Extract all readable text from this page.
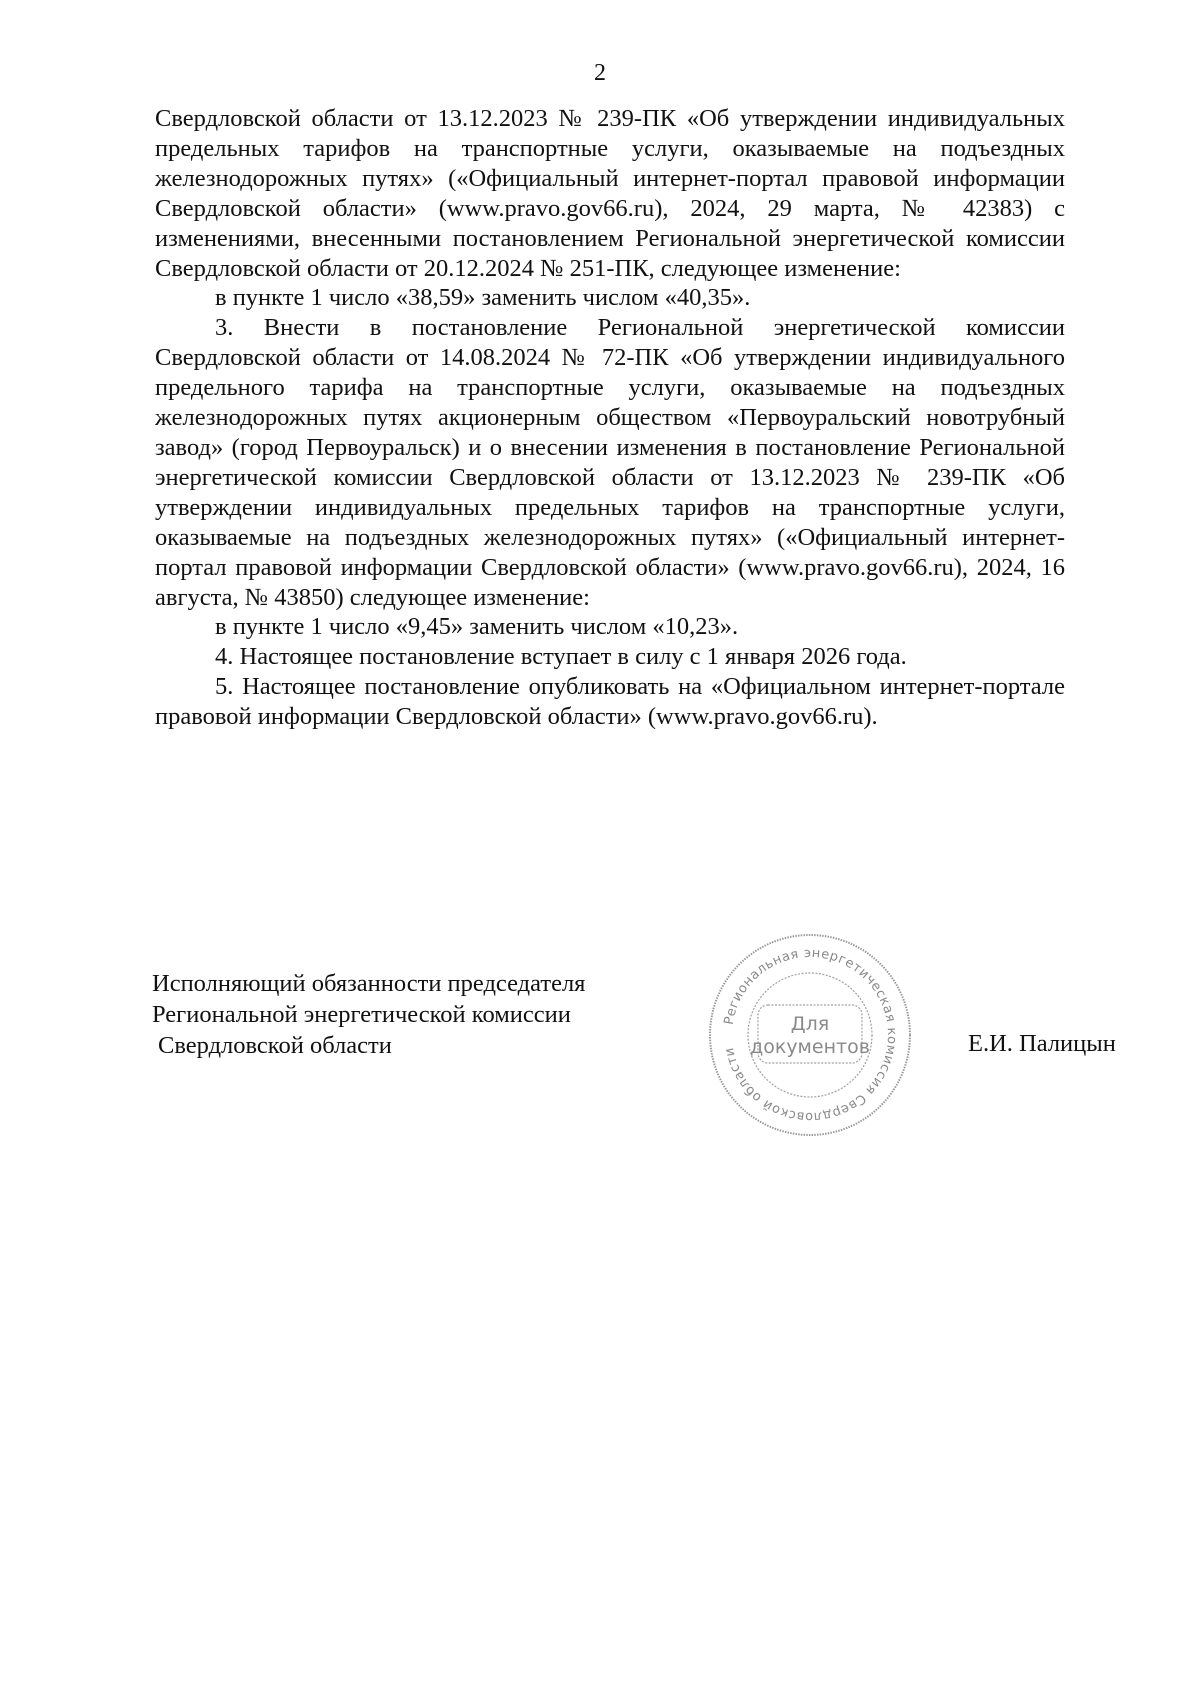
2

Свердловской области от 13.12.2023 № 239-ПК «Об утверждении индивидуальных предельных тарифов на транспортные услуги, оказываемые на подъездных железнодорожных путях» («Официальный интернет-портал правовой информации Свердловской области» (www.pravo.gov66.ru), 2024, 29 марта, № 42383) с изменениями, внесенными постановлением Региональной энергетической комиссии Свердловской области от 20.12.2024 № 251-ПК, следующее изменение:

в пункте 1 число «38,59» заменить числом «40,35».

3. Внести в постановление Региональной энергетической комиссии Свердловской области от 14.08.2024 № 72-ПК «Об утверждении индивидуального предельного тарифа на транспортные услуги, оказываемые на подъездных железнодорожных путях акционерным обществом «Первоуральский новотрубный завод» (город Первоуральск) и о внесении изменения в постановление Региональной энергетической комиссии Свердловской области от 13.12.2023 № 239-ПК «Об утверждении индивидуальных предельных тарифов на транспортные услуги, оказываемые на подъездных железнодорожных путях» («Официальный интернет-портал правовой информации Свердловской области» (www.pravo.gov66.ru), 2024, 16 августа, № 43850) следующее изменение:

в пункте 1 число «9,45» заменить числом «10,23».

4. Настоящее постановление вступает в силу с 1 января 2026 года.

5. Настоящее постановление опубликовать на «Официальном интернет-портале правовой информации Свердловской области» (www.pravo.gov66.ru).

Исполняющий обязанности председателя
Региональной энергетической комиссии
Свердловской области
Региональная энергетическая комиссия Свердловской области
Для
документов	Е.И. Палицын
